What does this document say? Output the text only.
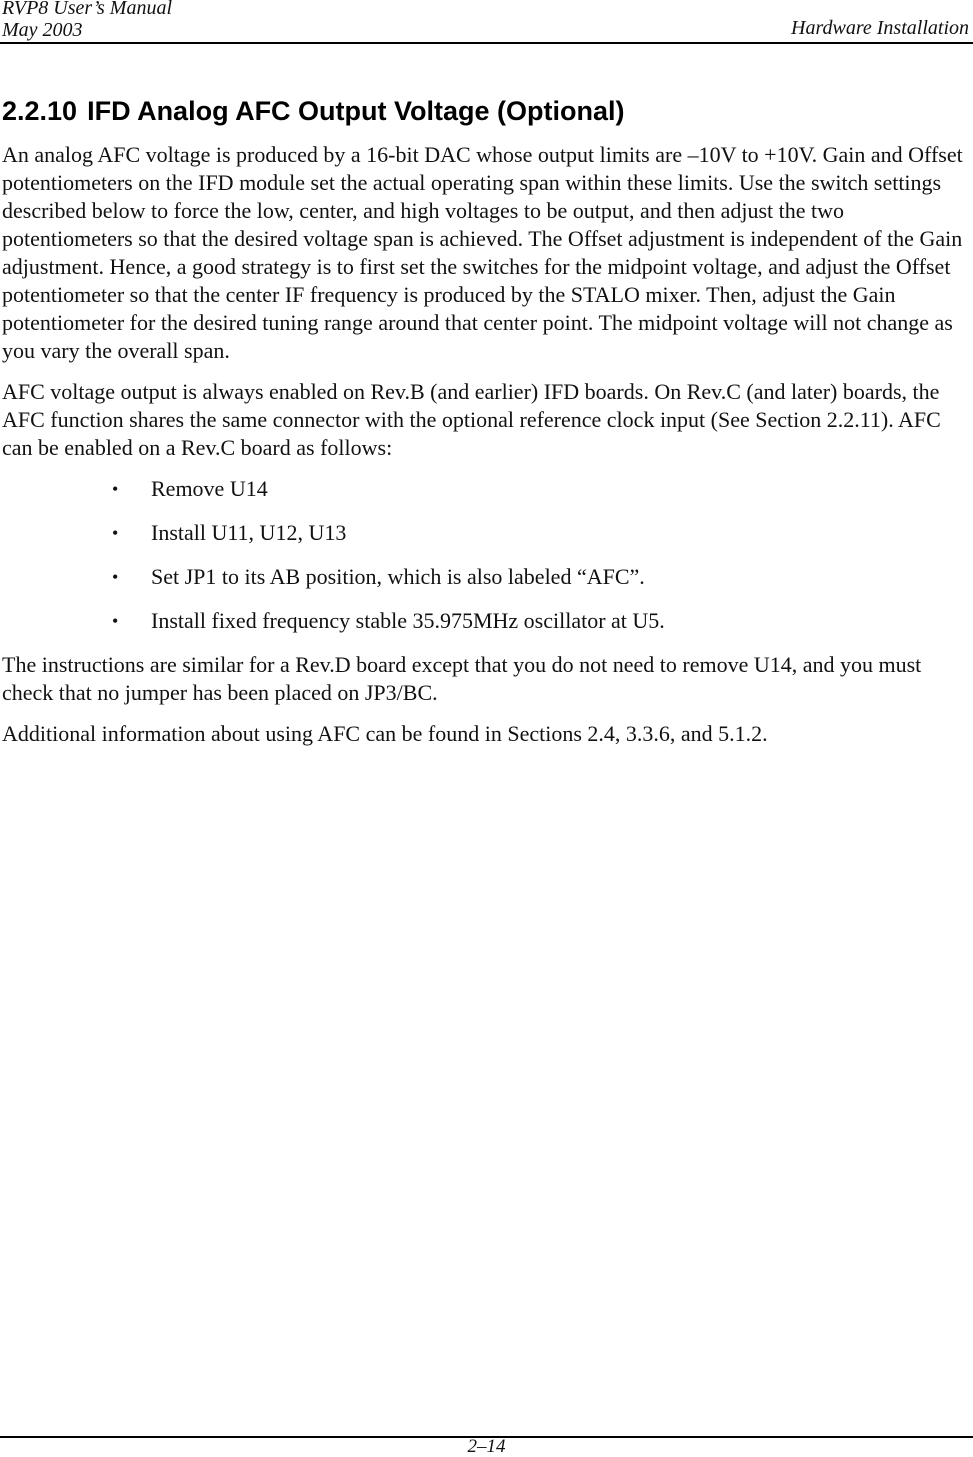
RVP8 User’s Manual
May 2003	Hardware Installation
2.2.10 IFD Analog AFC Output Voltage (Optional)

An analog AFC voltage is produced by a 16-bit DAC whose output limits are –10V to +10V. Gain and Offset potentiometers on the IFD module set the actual operating span within these limits. Use the switch settings described below to force the low, center, and high voltages to be output, and then adjust the two potentiometers so that the desired voltage span is achieved. The Offset adjustment is independent of the Gain adjustment. Hence, a good strategy is to first set the switches for the midpoint voltage, and adjust the Offset potentiometer so that the center IF frequency is produced by the STALO mixer. Then, adjust the Gain potentiometer for the desired tuning range around that center point. The midpoint voltage will not change as you vary the overall span.

AFC voltage output is always enabled on Rev.B (and earlier) IFD boards. On Rev.C (and later) boards, the AFC function shares the same connector with the optional reference clock input (See Section 2.2.11). AFC can be enabled on a Rev.C board as follows:

• Remove U14
• Install U11, U12, U13
• Set JP1 to its AB position, which is also labeled “AFC”.
• Install fixed frequency stable 35.975MHz oscillator at U5.

The instructions are similar for a Rev.D board except that you do not need to remove U14, and you must check that no jumper has been placed on JP3/BC.

Additional information about using AFC can be found in Sections 2.4, 3.3.6, and 5.1.2.

2–14
